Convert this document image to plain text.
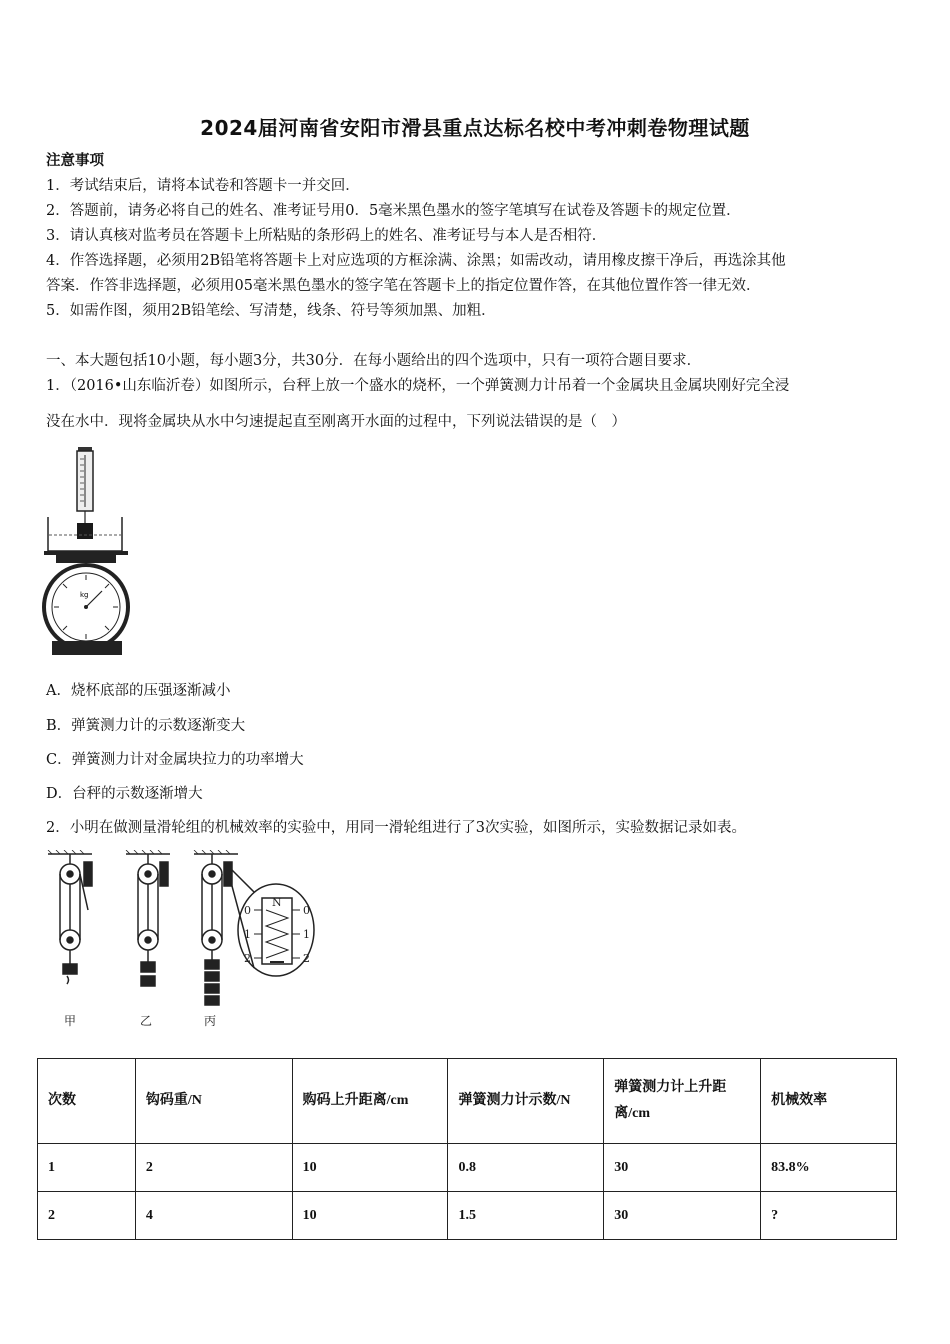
2024届河南省安阳市滑县重点达标名校中考冲刺卷物理试题
注意事项
1．考试结束后，请将本试卷和答题卡一并交回．
2．答题前，请务必将自己的姓名、准考证号用0．5毫米黑色墨水的签字笔填写在试卷及答题卡的规定位置．
3．请认真核对监考员在答题卡上所粘贴的条形码上的姓名、准考证号与本人是否相符．
4．作答选择题，必须用2B铅笔将答题卡上对应选项的方框涂满、涂黑；如需改动，请用橡皮擦干净后，再选涂其他
答案．作答非选择题，必须用05毫米黑色墨水的签字笔在答题卡上的指定位置作答，在其他位置作答一律无效．
5．如需作图，须用2B铅笔绘、写清楚，线条、符号等须加黑、加粗．
一、本大题包括10小题，每小题3分，共30分．在每小题给出的四个选项中，只有一项符合题目要求．
1．（2016•山东临沂卷）如图所示，台秤上放一个盛水的烧杯，一个弹簧测力计吊着一个金属块且金属块刚好完全浸
没在水中．现将金属块从水中匀速提起直至刚离开水面的过程中，下列说法错误的是（　）
kg
A．烧杯底部的压强逐渐减小
B．弹簧测力计的示数逐渐变大
C．弹簧测力计对金属块拉力的功率增大
D．台秤的示数逐渐增大
2．小明在做测量滑轮组的机械效率的实验中，用同一滑轮组进行了3次实验，如图所示，实验数据记录如表。
N
0
1
2
0
1
2
甲	乙	丙
次数	钩码重/N	购码上升距离/cm	弹簧测力计示数/N	弹簧测力计上升距离/cm	机械效率
1	2	10	0.8	30	83.8%
2	4	10	1.5	30	?
